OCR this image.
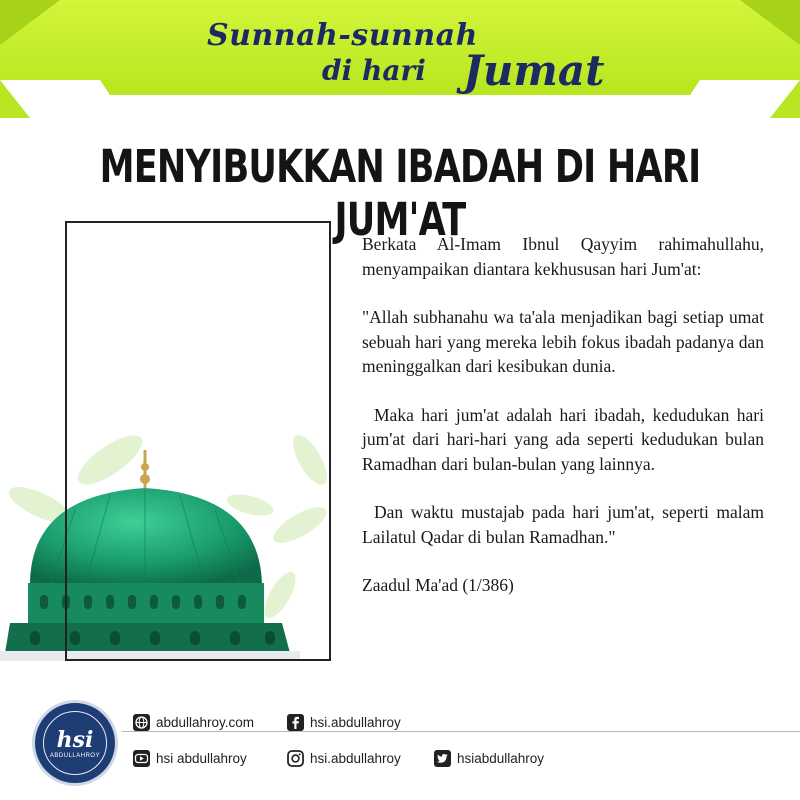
Sunnah-sunnah
di hari Jumat
MENYIBUKKAN IBADAH DI HARI JUM'AT

Berkata Al-Imam Ibnul Qayyim rahimahullahu, menyampaikan diantara kekhususan hari Jum'at:

"Allah subhanahu wa ta'ala menjadikan bagi setiap umat sebuah hari yang mereka lebih fokus ibadah padanya dan meninggalkan dari kesibukan dunia.

Maka hari jum'at adalah hari ibadah, kedudukan hari jum'at dari hari-hari yang ada seperti kedudukan bulan Ramadhan dari bulan-bulan yang lainnya.

Dan waktu mustajab pada hari jum'at, seperti malam Lailatul Qadar di bulan Ramadhan."

Zaadul Ma'ad (1/386)

hsi
ABDULLAHROY
abdullahroy.com	hsi.abdullahroy
hsi abdullahroy	hsi.abdullahroy	hsiabdullahroy
